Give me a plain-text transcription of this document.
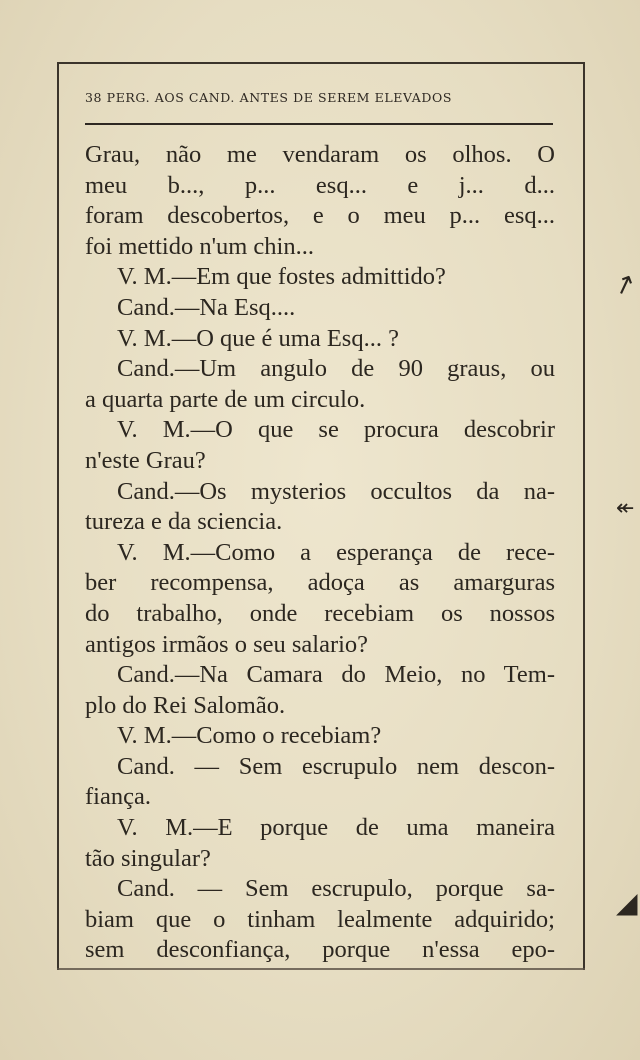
38 PERG. AOS CAND. ANTES DE SEREM ELEVADOS
Grau, não me vendaram os olhos. O
meu b..., p... esq... e j... d...
foram descobertos, e o meu p... esq...
foi mettido n'um chin...
V. M.—Em que fostes admittido?
Cand.—Na Esq....
V. M.—O que é uma Esq... ?
Cand.—Um angulo de 90 graus, ou
a quarta parte de um circulo.
V. M.—O que se procura descobrir
n'este Grau?
Cand.—Os mysterios occultos da na-
tureza e da sciencia.
V. M.—Como a esperança de rece-
ber recompensa, adoça as amarguras
do trabalho, onde recebiam os nossos
antigos irmãos o seu salario?
Cand.—Na Camara do Meio, no Tem-
plo do Rei Salomão.
V. M.—Como o recebiam?
Cand. — Sem escrupulo nem descon-
fiança.
V. M.—E porque de uma maneira
tão singular?
Cand. — Sem escrupulo, porque sa-
biam que o tinham lealmente adquirido;
sem desconfiança, porque n'essa epo-
↗
↞
◢
